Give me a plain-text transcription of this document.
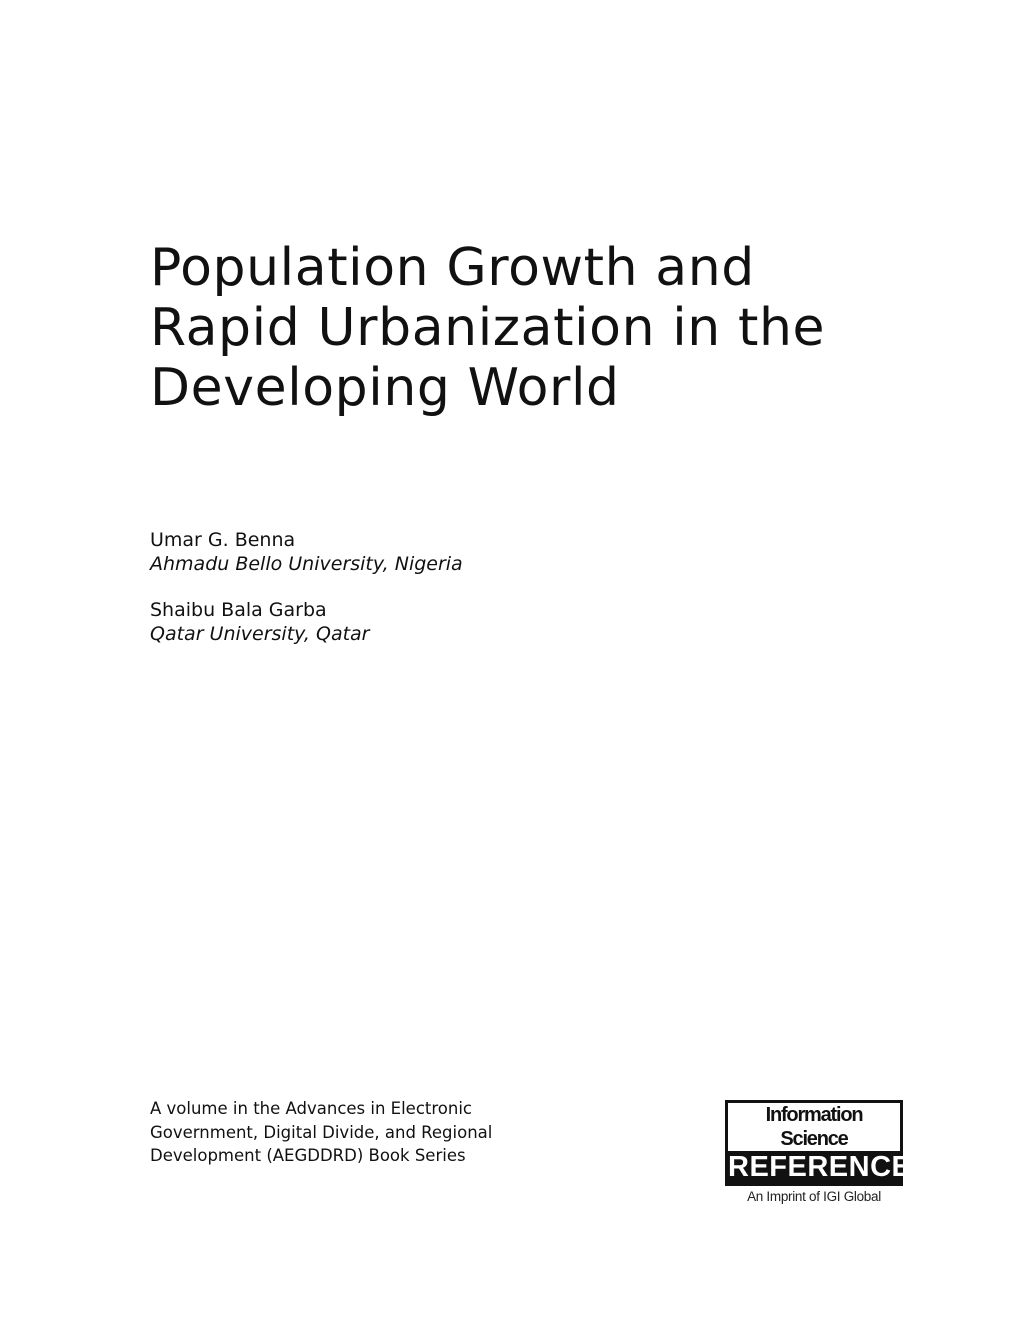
Population Growth and
Rapid Urbanization in the
Developing World

Umar G. Benna

Ahmadu Bello University, Nigeria

Shaibu Bala Garba

Qatar University, Qatar

A volume in the Advances in Electronic
Government, Digital Divide, and Regional
Development (AEGDDRD) Book Series

Information Science
REFERENCE
An Imprint of IGI Global
